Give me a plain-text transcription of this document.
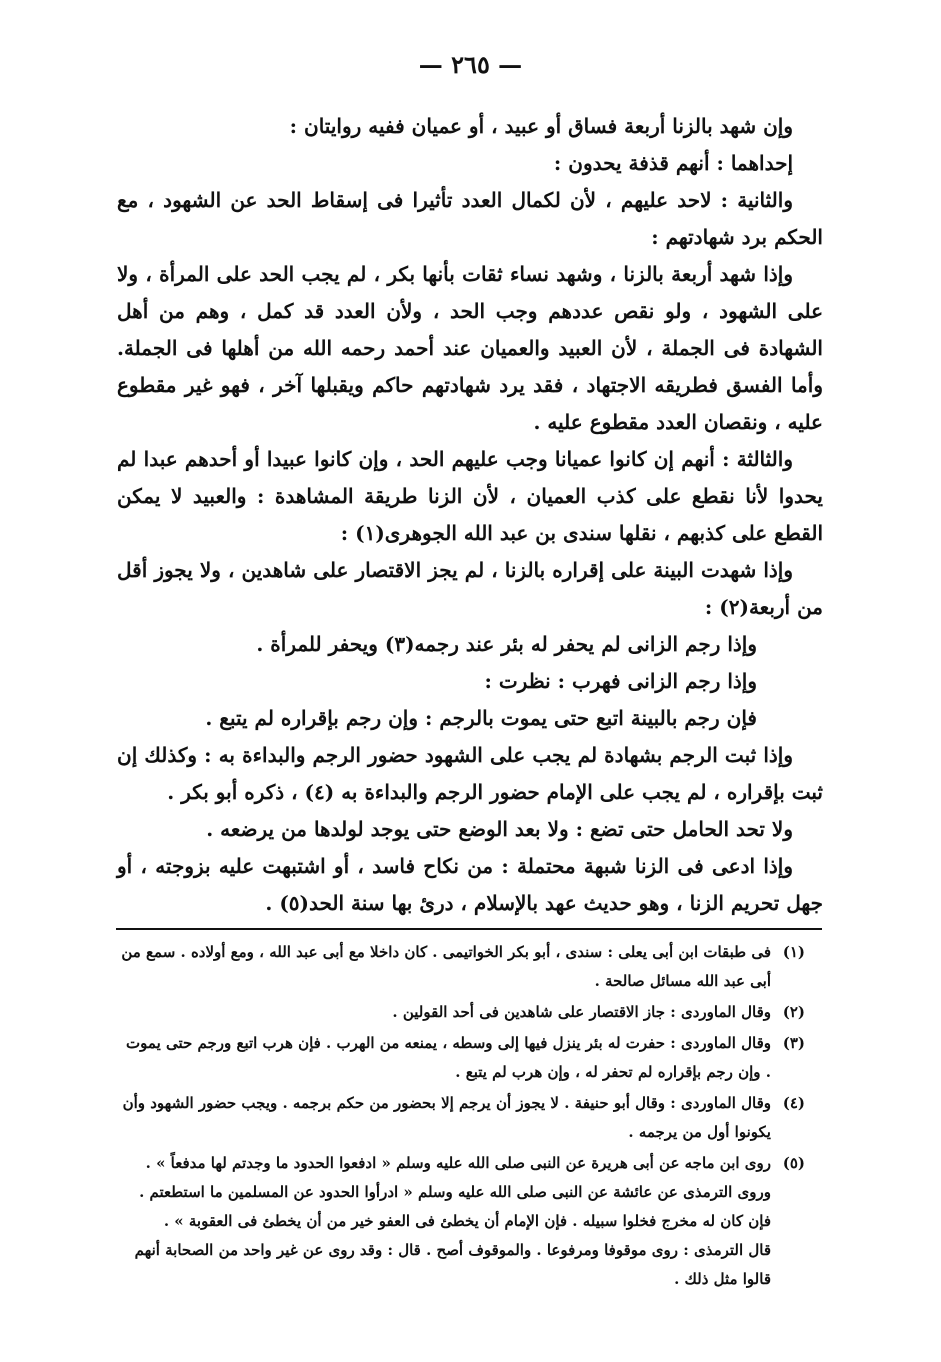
— ٢٦٥ —

وإن شهد بالزنا أربعة فساق أو عبيد ، أو عميان ففيه روايتان :

إحداهما : أنهم قذفة يحدون :

والثانية : لاحد عليهم ، لأن لكمال العدد تأثيرا فى إسقاط الحد عن الشهود ، مع الحكم برد شهادتهم :

وإذا شهد أربعة بالزنا ، وشهد نساء ثقات بأنها بكر ، لم يجب الحد على المرأة ، ولا على الشهود ، ولو نقص عددهم وجب الحد ، ولأن العدد قد كمل ، وهم من أهل الشهادة فى الجملة ، لأن العبيد والعميان عند أحمد رحمه الله من أهلها فى الجملة. وأما الفسق فطريقه الاجتهاد ، فقد يرد شهادتهم حاكم ويقبلها آخر ، فهو غير مقطوع عليه ، ونقصان العدد مقطوع عليه .

والثالثة : أنهم إن كانوا عميانا وجب عليهم الحد ، وإن كانوا عبيدا أو أحدهم عبدا لم يحدوا لأنا نقطع على كذب العميان ، لأن الزنا طريقة المشاهدة : والعبيد لا يمكن القطع على كذبهم ، نقلها سندى بن عبد الله الجوهرى(١) :

وإذا شهدت البينة على إقراره بالزنا ، لم يجز الاقتصار على شاهدين ، ولا يجوز أقل من أربعة(٢) :

وإذا رجم الزانى لم يحفر له بئر عند رجمه(٣) ويحفر للمرأة .

وإذا رجم الزانى فهرب : نظرت :

فإن رجم بالبينة اتبع حتى يموت بالرجم : وإن رجم بإقراره لم يتبع .

وإذا ثبت الرجم بشهادة لم يجب على الشهود حضور الرجم والبداءة به : وكذلك إن ثبت بإقراره ، لم يجب على الإمام حضور الرجم والبداءة به (٤) ، ذكره أبو بكر .

ولا تحد الحامل حتى تضع : ولا بعد الوضع حتى يوجد لولدها من يرضعه .

وإذا ادعى فى الزنا شبهة محتملة : من نكاح فاسد ، أو اشتبهت عليه بزوجته ، أو جهل تحريم الزنا ، وهو حديث عهد بالإسلام ، درئ بها سنة الحد(٥) .

(١)

فى طبقات ابن أبى يعلى : سندى ، أبو بكر الخواتيمى . كان داخلا مع أبى عبد الله ، ومع أولاده . سمع من أبى عبد الله مسائل صالحة .

(٢)

وقال الماوردى : جاز الاقتصار على شاهدين فى أحد القولين .

(٣)

وقال الماوردى : حفرت له بئر ينزل فيها إلى وسطه ، يمنعه من الهرب . فإن هرب اتبع ورجم حتى يموت . وإن رجم بإقراره لم تحفر له ، وإن هرب لم يتبع .

(٤)

وقال الماوردى : وقال أبو حنيفة . لا يجوز أن يرجم إلا بحضور من حكم برجمه . ويجب حضور الشهود وأن يكونوا أول من يرجمه .

(٥)

روى ابن ماجه عن أبى هريرة عن النبى صلى الله عليه وسلم « ادفعوا الحدود ما وجدتم لها مدفعاً » .

وروى الترمذى عن عائشة عن النبى صلى الله عليه وسلم « ادرأوا الحدود عن المسلمين ما استطعتم .

فإن كان له مخرج فخلوا سبيله . فإن الإمام أن يخطئ فى العفو خير من أن يخطئ فى العقوبة » .

قال الترمذى : روى موقوفا ومرفوعا . والموقوف أصح . قال : وقد روى عن غير واحد من الصحابة أنهم قالوا مثل ذلك .
